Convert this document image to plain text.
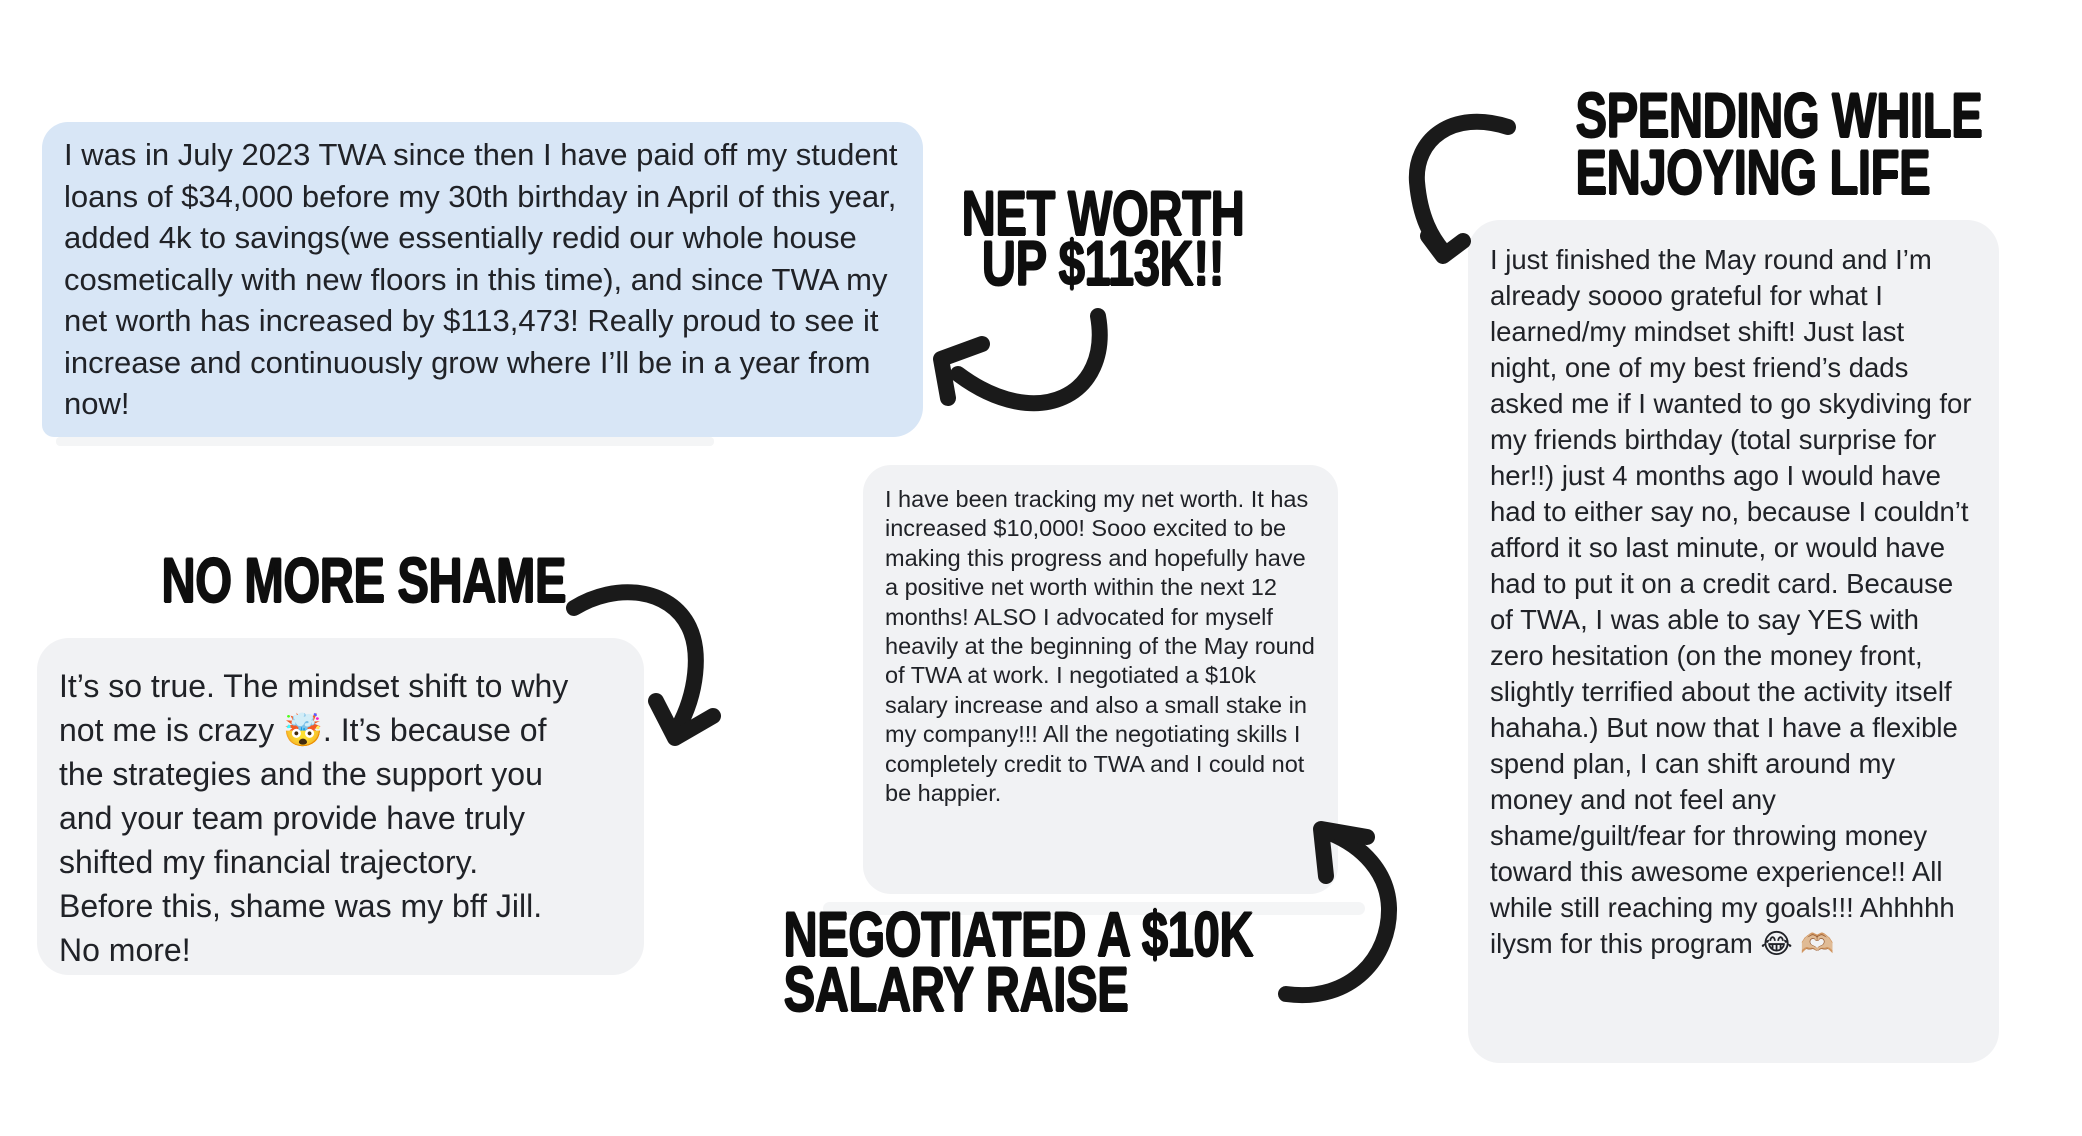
I was in July 2023 TWA since then I have paid off my student loans of $34,000 before my 30th birthday in April of this year, added 4k to savings(we essentially redid our whole house cosmetically with new floors in this time), and since TWA my net worth has increased by $113,473! Really proud to see it increase and continuously grow where I’ll be in a year from now!
It’s so true. The mindset shift to why not me is crazy 🤯. It’s because of the strategies and the support you and your team provide have truly shifted my financial trajectory. Before this, shame was my bff Jill. No more!
I have been tracking my net worth. It has increased $10,000! Sooo excited to be making this progress and hopefully have a positive net worth within the next 12 months! ALSO I advocated for myself heavily at the beginning of the May round of TWA at work. I negotiated a $10k salary increase and also a small stake in my company!!! All the negotiating skills I completely credit to TWA and I could not be happier.
I just finished the May round and I’m already soooo grateful for what I learned/my mindset shift! Just last night, one of my best friend’s dads asked me if I wanted to go skydiving for my friends birthday (total surprise for her!!) just 4 months ago I would have had to either say no, because I couldn’t afford it so last minute, or would have had to put it on a credit card. Because of TWA, I was able to say YES with zero hesitation (on the money front, slightly terrified about the activity itself hahaha.) But now that I have a flexible spend plan, I can shift around my money and not feel any shame/guilt/fear for throwing money toward this awesome experience!! All while still reaching my goals!!! Ahhhhh ilysm for this program 😂 🫶🏼
NET WORTH
UP $113K!!
SPENDING WHILE
ENJOYING LIFE
NO MORE SHAME
NEGOTIATED A $10K
SALARY RAISE
